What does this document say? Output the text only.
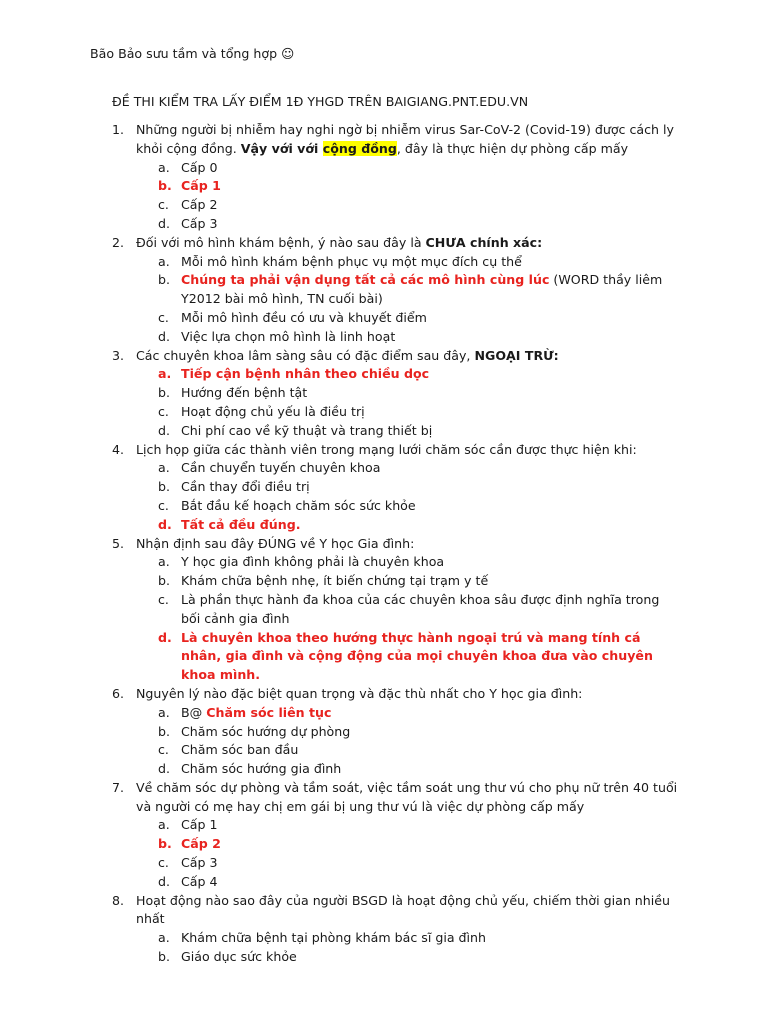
Bão Bảo sưu tầm và tổng hợp ☺
ĐỀ THI KIỂM TRA LẤY ĐIỂM 1Đ YHGD TRÊN BAIGIANG.PNT.EDU.VN
1. Những người bị nhiễm hay nghi ngờ bị nhiễm virus Sar-CoV-2 (Covid-19) được cách ly khỏi cộng đồng. Vậy với với cộng đồng, đây là thực hiện dự phòng cấp mấy
a. Cấp 0
b. Cấp 1
c. Cấp 2
d. Cấp 3
2. Đối với mô hình khám bệnh, ý nào sau đây là CHƯA chính xác:
a. Mỗi mô hình khám bệnh phục vụ một mục đích cụ thể
b. Chúng ta phải vận dụng tất cả các mô hình cùng lúc (WORD thầy liêm Y2012 bài mô hình, TN cuối bài)
c. Mỗi mô hình đều có ưu và khuyết điểm
d. Việc lựa chọn mô hình là linh hoạt
3. Các chuyên khoa lâm sàng sâu có đặc điểm sau đây, NGOẠI TRỪ:
a. Tiếp cận bệnh nhân theo chiều dọc
b. Hướng đến bệnh tật
c. Hoạt động chủ yếu là điều trị
d. Chi phí cao về kỹ thuật và trang thiết bị
4. Lịch họp giữa các thành viên trong mạng lưới chăm sóc cần được thực hiện khi:
a. Cần chuyển tuyến chuyên khoa
b. Cần thay đổi điều trị
c. Bắt đầu kế hoạch chăm sóc sức khỏe
d. Tất cả đều đúng.
5. Nhận định sau đây ĐÚNG về Y học Gia đình:
a. Y học gia đình không phải là chuyên khoa
b. Khám chữa bệnh nhẹ, ít biến chứng tại trạm y tế
c. Là phần thực hành đa khoa của các chuyên khoa sâu được định nghĩa trong bối cảnh gia đình
d. Là chuyên khoa theo hướng thực hành ngoại trú và mang tính cá nhân, gia đình và cộng động của mọi chuyên khoa đưa vào chuyên khoa mình.
6. Nguyên lý nào đặc biệt quan trọng và đặc thù nhất cho Y học gia đình:
a. B@ Chăm sóc liên tục
b. Chăm sóc hướng dự phòng
c. Chăm sóc ban đầu
d. Chăm sóc hướng gia đình
7. Về chăm sóc dự phòng và tầm soát, việc tầm soát ung thư vú cho phụ nữ trên 40 tuổi và người có mẹ hay chị em gái bị ung thư vú là việc dự phòng cấp mấy
a. Cấp 1
b. Cấp 2
c. Cấp 3
d. Cấp 4
8. Hoạt động nào sao đây của người BSGD là hoạt động chủ yếu, chiếm thời gian nhiều nhất
a. Khám chữa bệnh tại phòng khám bác sĩ gia đình
b. Giáo dục sức khỏe
